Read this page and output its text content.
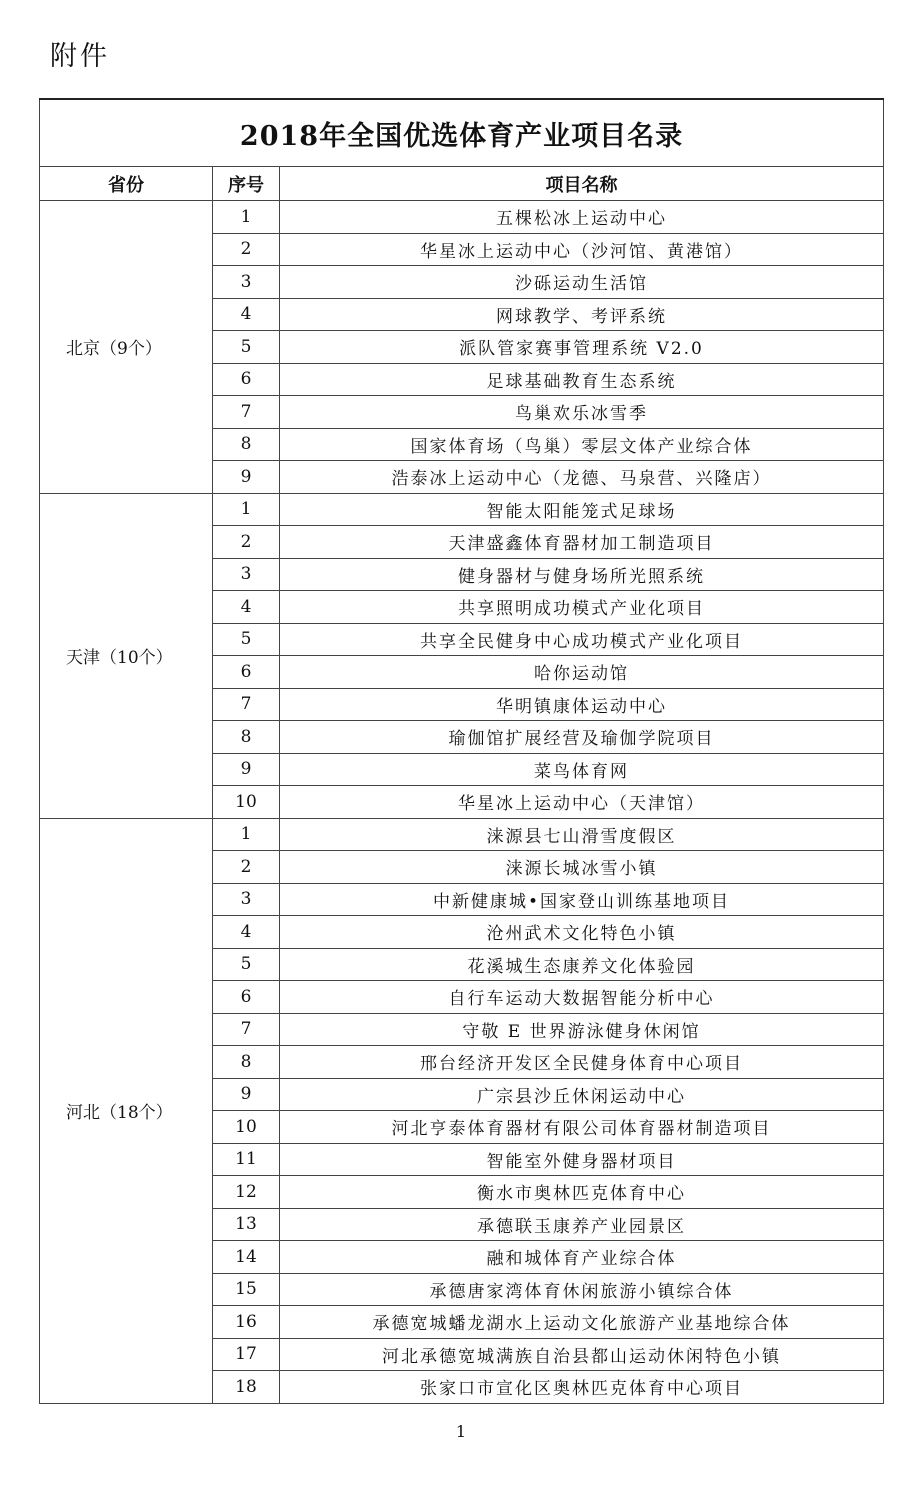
附件
2018年全国优选体育产业项目名录		
省份	序号	项目名称
北京（9个）	1	五棵松冰上运动中心
	2	华星冰上运动中心（沙河馆、黄港馆）
	3	沙砾运动生活馆
	4	网球教学、考评系统
	5	派队管家赛事管理系统 V2.0
	6	足球基础教育生态系统
	7	鸟巢欢乐冰雪季
	8	国家体育场（鸟巢）零层文体产业综合体
	9	浩泰冰上运动中心（龙德、马泉营、兴隆店）
天津（10个）	1	智能太阳能笼式足球场
	2	天津盛鑫体育器材加工制造项目
	3	健身器材与健身场所光照系统
	4	共享照明成功模式产业化项目
	5	共享全民健身中心成功模式产业化项目
	6	哈你运动馆
	7	华明镇康体运动中心
	8	瑜伽馆扩展经营及瑜伽学院项目
	9	菜鸟体育网
	10	华星冰上运动中心（天津馆）
河北（18个）	1	涞源县七山滑雪度假区
	2	涞源长城冰雪小镇
	3	中新健康城•国家登山训练基地项目
	4	沧州武术文化特色小镇
	5	花溪城生态康养文化体验园
	6	自行车运动大数据智能分析中心
	7	守敬 E 世界游泳健身休闲馆
	8	邢台经济开发区全民健身体育中心项目
	9	广宗县沙丘休闲运动中心
	10	河北亨泰体育器材有限公司体育器材制造项目
	11	智能室外健身器材项目
	12	衡水市奥林匹克体育中心
	13	承德联玉康养产业园景区
	14	融和城体育产业综合体
	15	承德唐家湾体育休闲旅游小镇综合体
	16	承德宽城蟠龙湖水上运动文化旅游产业基地综合体
	17	河北承德宽城满族自治县都山运动休闲特色小镇
	18	张家口市宣化区奥林匹克体育中心项目
1
